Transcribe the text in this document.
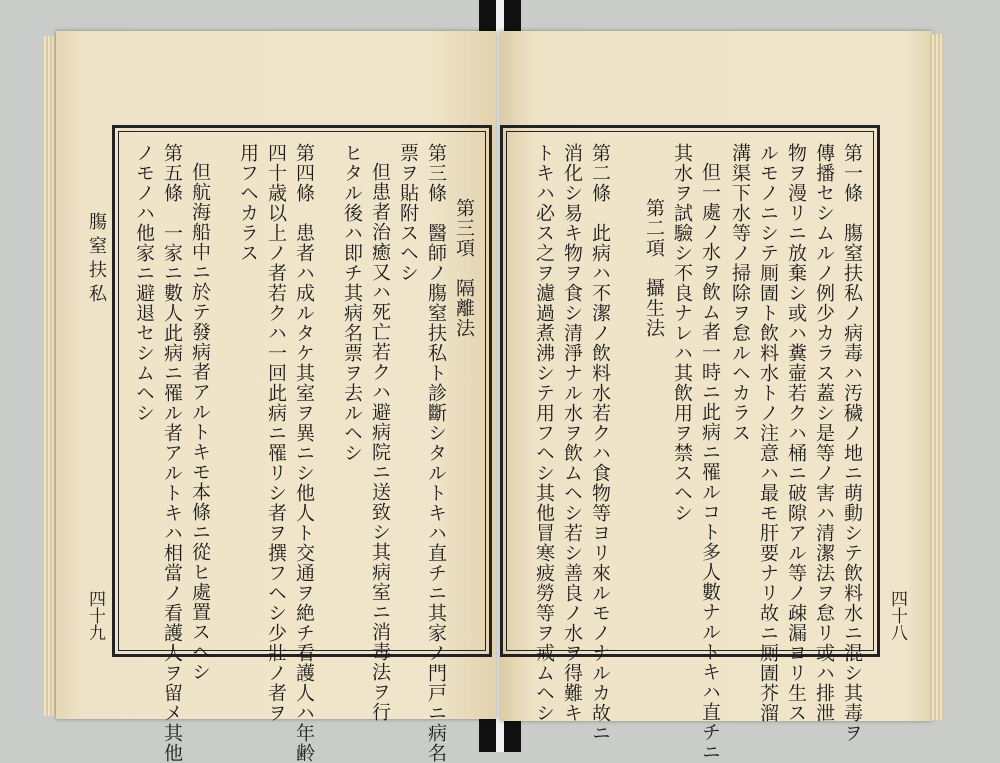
膓窒扶私
四十九	四十八
第三項　隔離法
第三條　醫師ノ膓窒扶私ト診斷シタルトキハ直チニ其家ノ門戸ニ病名
票ヲ貼附スヘシ
但患者治癒又ハ死亡若クハ避病院ニ送致シ其病室ニ消毒法ヲ行
ヒタル後ハ即チ其病名票ヲ去ルヘシ
第四條　患者ハ成ルタケ其室ヲ異ニシ他人ト交通ヲ絶チ看護人ハ年齢
四十歳以上ノ者若クハ一回此病ニ罹リシ者ヲ撰フヘシ少壯ノ者ヲ
用フヘカラス
第五條　一家ニ數人此病ニ罹ル者アルトキハ相當ノ看護人ヲ留メ其他 但航海船中ニ於テ發病者アルトキモ本條ニ從ヒ處置スヘシ
ノモノハ他家ニ避退セシムヘシ	第一條　膓窒扶私ノ病毒ハ汚穢ノ地ニ萌動シテ飲料水ニ混シ其毒ヲ
傳播セシムルノ例少カラス蓋シ是等ノ害ハ清潔法ヲ怠リ或ハ排泄
物ヲ漫リニ放棄シ或ハ糞壷若クハ桶ニ破隙アル等ノ疎漏ヨリ生ス
ルモノニシテ厠圊ト飲料水トノ注意ハ最モ肝要ナリ故ニ厠圊芥溜
溝渠下水等ノ掃除ヲ怠ルヘカラス
但一處ノ水ヲ飲ム者一時ニ此病ニ罹ルコト多人數ナルトキハ直チニ
其水ヲ試驗シ不良ナレハ其飲用ヲ禁スヘシ
第二項　攝生法
第二條　此病ハ不潔ノ飲料水若クハ食物等ヨリ來ルモノナルカ故ニ
消化シ易キ物ヲ食シ清淨ナル水ヲ飲ムヘシ若シ善良ノ水ヲ得難キ
トキハ必ス之ヲ濾過煮沸シテ用フヘシ其他冒寒疲勞等ヲ戒ムヘシ
